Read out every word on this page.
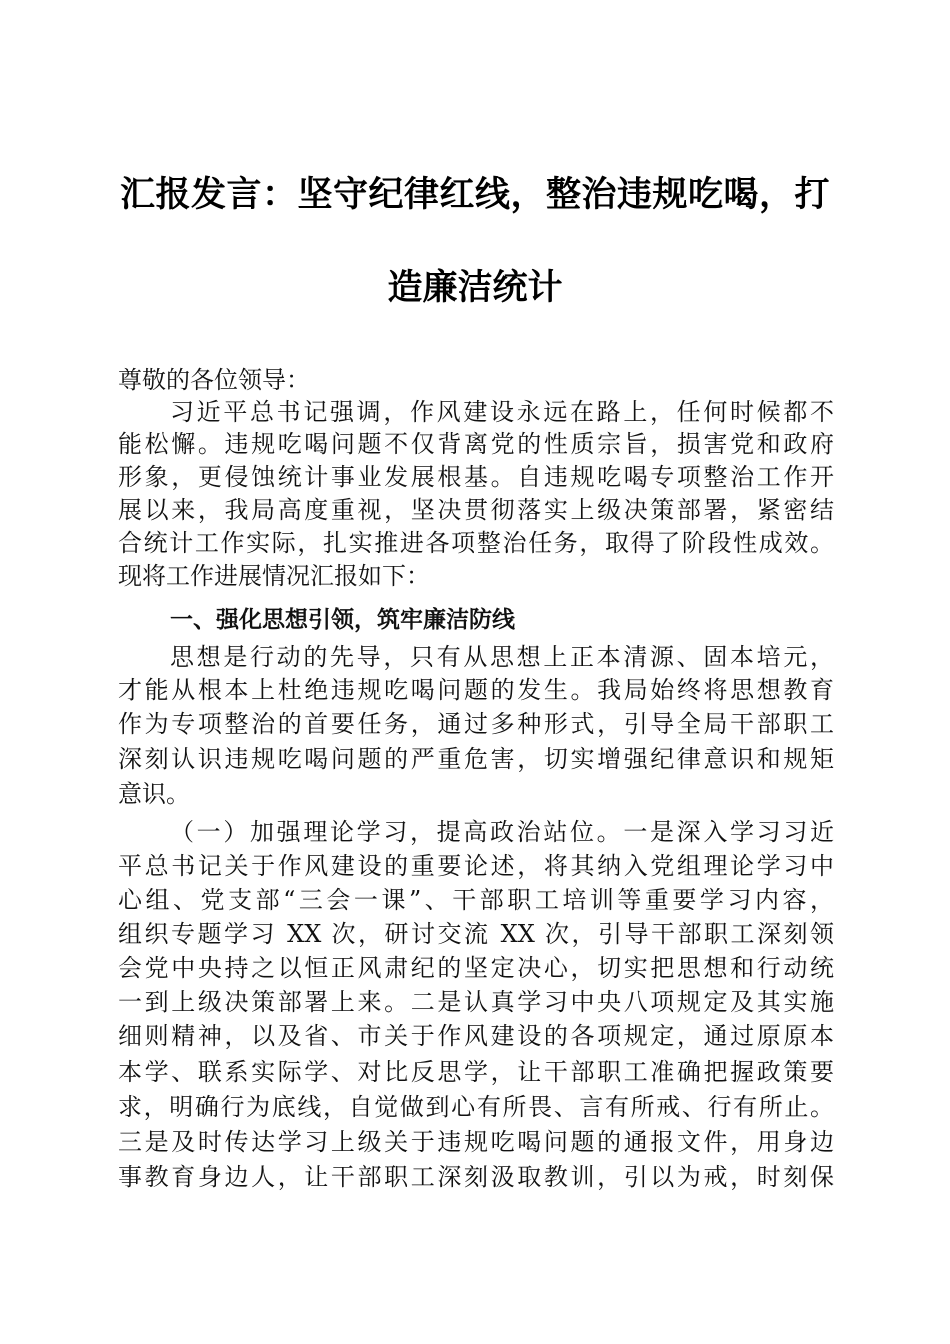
汇报发言：坚守纪律红线，整治违规吃喝，打
造廉洁统计
尊敬的各位领导：
习近平总书记强调，作风建设永远在路上，任何时候都不
能松懈。违规吃喝问题不仅背离党的性质宗旨，损害党和政府
形象，更侵蚀统计事业发展根基。自违规吃喝专项整治工作开
展以来，我局高度重视，坚决贯彻落实上级决策部署，紧密结
合统计工作实际，扎实推进各项整治任务，取得了阶段性成效。
现将工作进展情况汇报如下：
一、强化思想引领，筑牢廉洁防线
思想是行动的先导，只有从思想上正本清源、固本培元，
才能从根本上杜绝违规吃喝问题的发生。我局始终将思想教育
作为专项整治的首要任务，通过多种形式，引导全局干部职工
深刻认识违规吃喝问题的严重危害，切实增强纪律意识和规矩
意识。
（一）加强理论学习，提高政治站位。一是深入学习习近
平总书记关于作风建设的重要论述，将其纳入党组理论学习中
心组、党支部“三会一课”、干部职工培训等重要学习内容，
组织专题学习 XX 次，研讨交流 XX 次，引导干部职工深刻领
会党中央持之以恒正风肃纪的坚定决心，切实把思想和行动统
一到上级决策部署上来。二是认真学习中央八项规定及其实施
细则精神，以及省、市关于作风建设的各项规定，通过原原本
本学、联系实际学、对比反思学，让干部职工准确把握政策要
求，明确行为底线，自觉做到心有所畏、言有所戒、行有所止。
三是及时传达学习上级关于违规吃喝问题的通报文件，用身边
事教育身边人，让干部职工深刻汲取教训，引以为戒，时刻保
